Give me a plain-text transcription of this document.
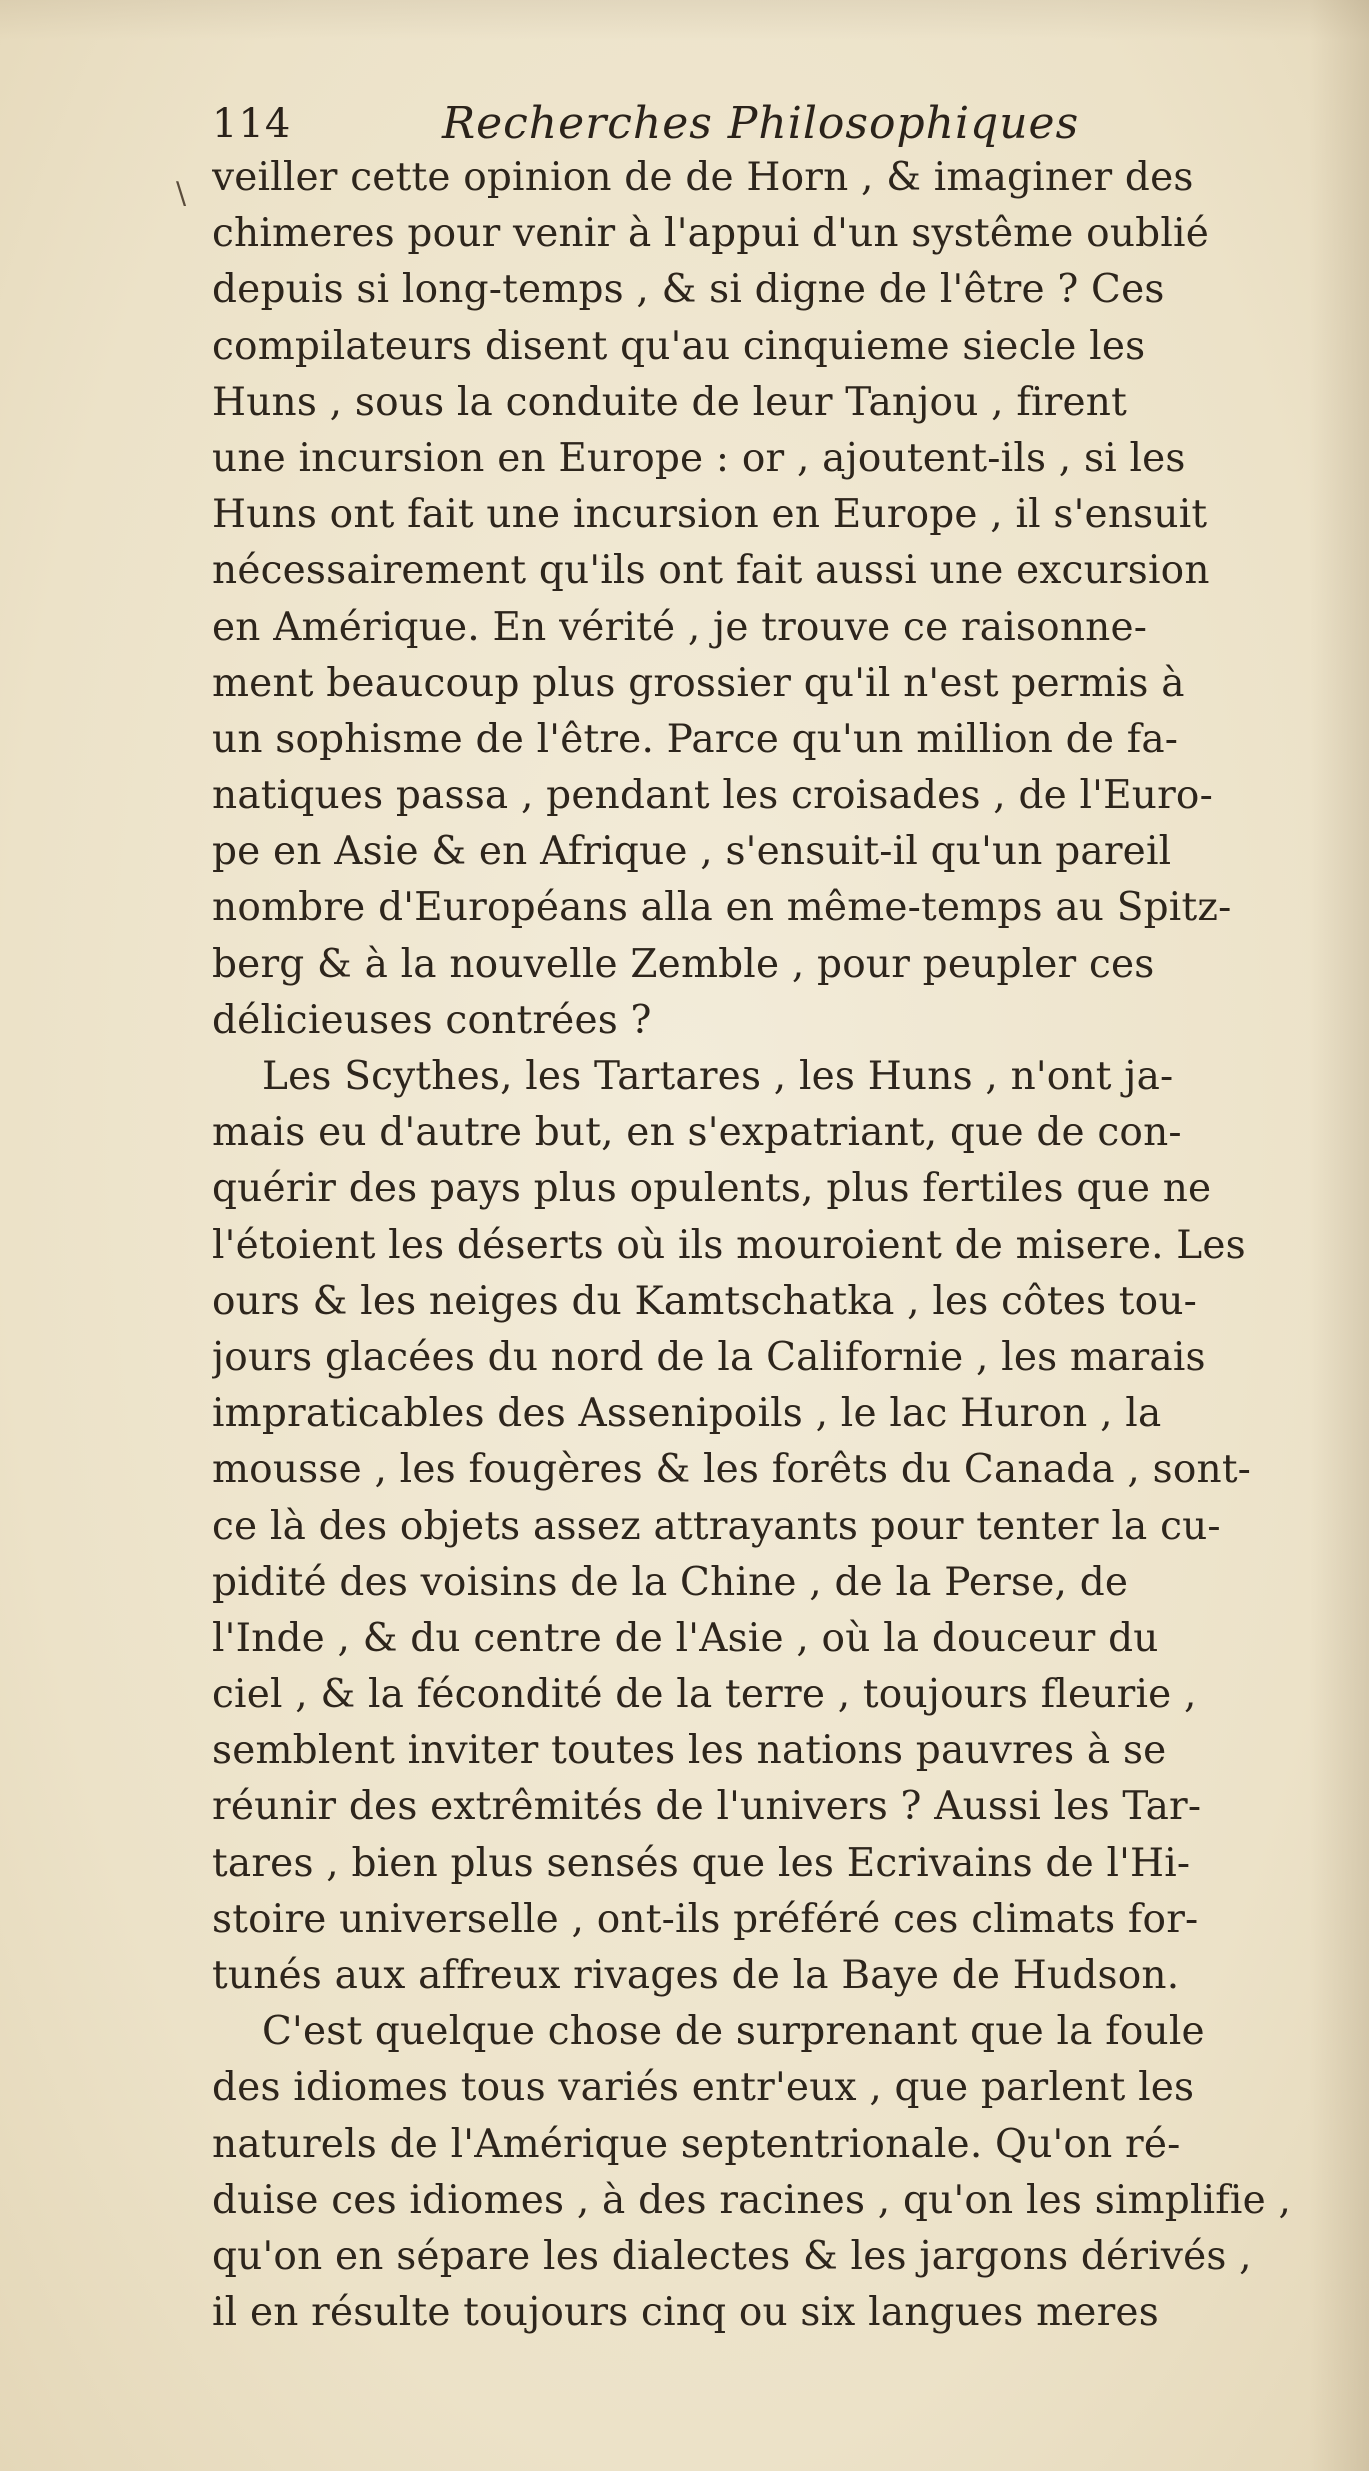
114	Recherches Philosophiques
\ veiller cette opinion de de Horn , & imaginer des
chimeres pour venir à l'appui d'un systême oublié
depuis si long-temps , & si digne de l'être ? Ces
compilateurs disent qu'au cinquieme siecle les
Huns , sous la conduite de leur Tanjou , firent
une incursion en Europe : or , ajoutent-ils , si les
Huns ont fait une incursion en Europe , il s'ensuit
nécessairement qu'ils ont fait aussi une excursion
en Amérique. En vérité , je trouve ce raisonne-
ment beaucoup plus grossier qu'il n'est permis à
un sophisme de l'être. Parce qu'un million de fa-
natiques passa , pendant les croisades , de l'Euro-
pe en Asie & en Afrique , s'ensuit-il qu'un pareil
nombre d'Européans alla en même-temps au Spitz-
berg & à la nouvelle Zemble , pour peupler ces
délicieuses contrées ?
Les Scythes, les Tartares , les Huns , n'ont ja-
mais eu d'autre but, en s'expatriant, que de con-
quérir des pays plus opulents, plus fertiles que ne
l'étoient les déserts où ils mouroient de misere. Les
ours & les neiges du Kamtschatka , les côtes tou-
jours glacées du nord de la Californie , les marais
impraticables des Assenipoils , le lac Huron , la
mousse , les fougères & les forêts du Canada , sont-
ce là des objets assez attrayants pour tenter la cu-
pidité des voisins de la Chine , de la Perse, de
l'Inde , & du centre de l'Asie , où la douceur du
ciel , & la fécondité de la terre , toujours fleurie ,
semblent inviter toutes les nations pauvres à se
réunir des extrêmités de l'univers ? Aussi les Tar-
tares , bien plus sensés que les Ecrivains de l'Hi-
stoire universelle , ont-ils préféré ces climats for-
tunés aux affreux rivages de la Baye de Hudson.
C'est quelque chose de surprenant que la foule
des idiomes tous variés entr'eux , que parlent les
naturels de l'Amérique septentrionale. Qu'on ré-
duise ces idiomes , à des racines , qu'on les simplifie ,
qu'on en sépare les dialectes & les jargons dérivés ,
il en résulte toujours cinq ou six langues meres
